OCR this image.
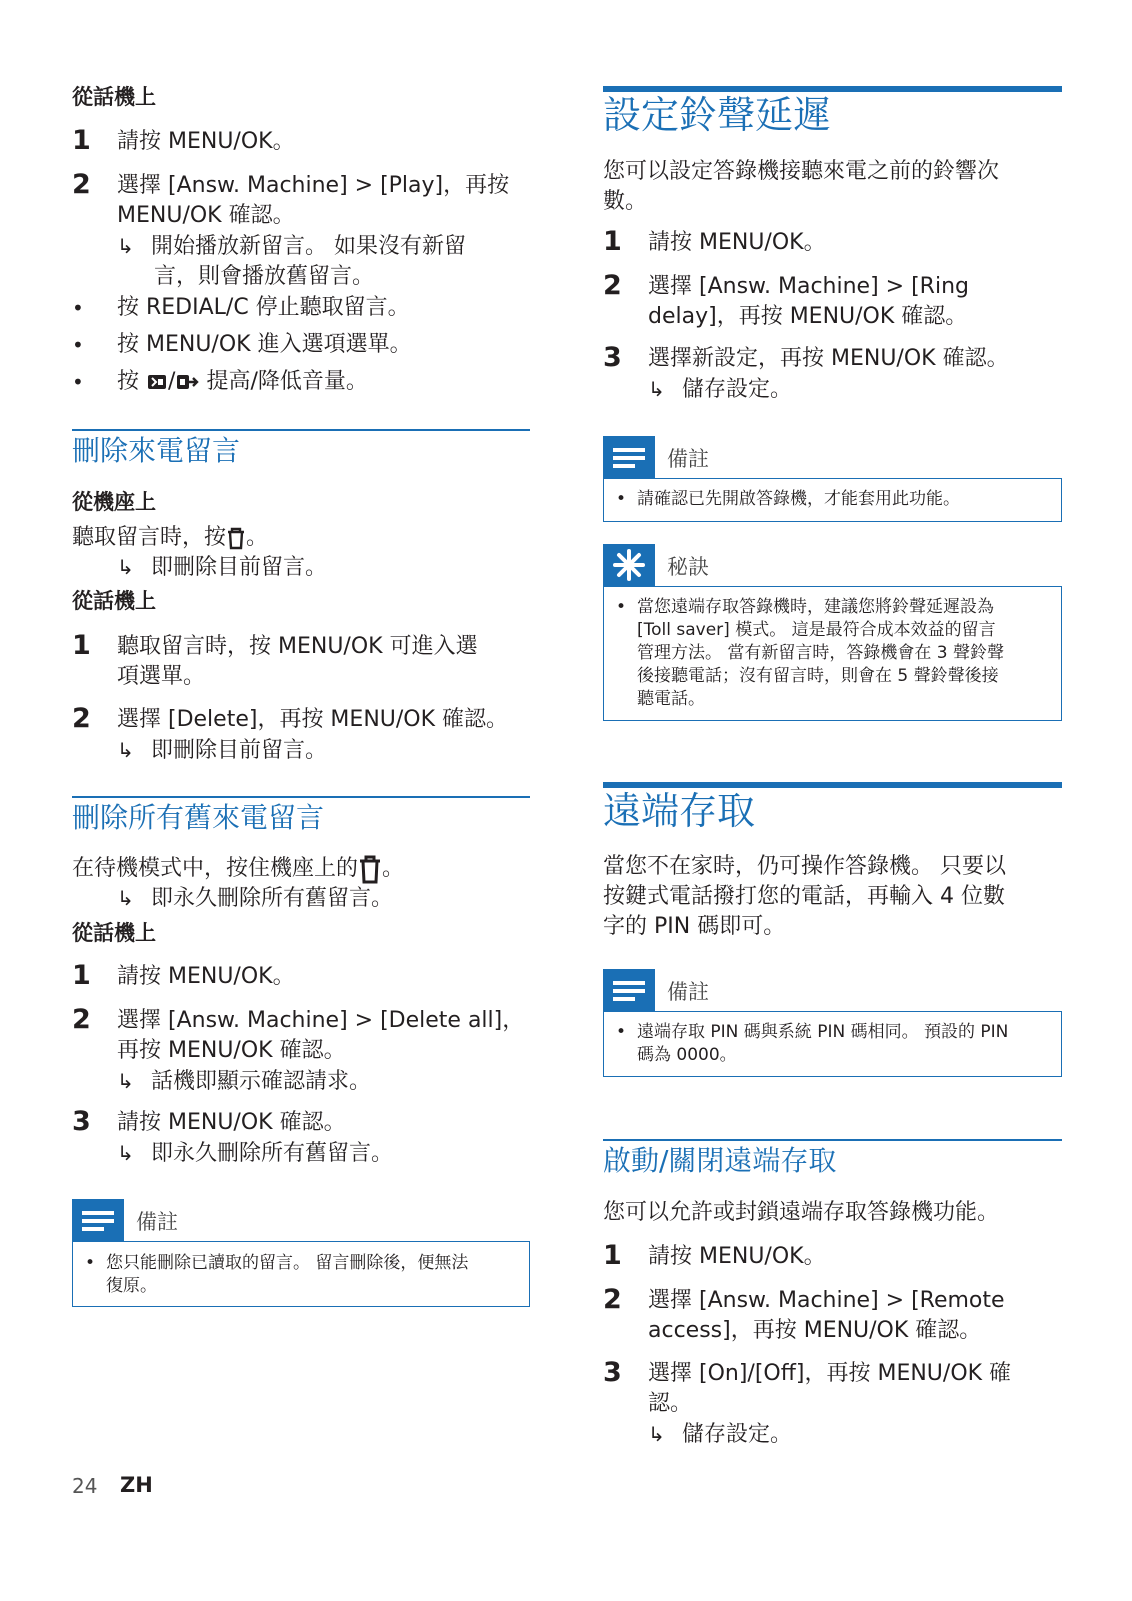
從話機上
1 請按 MENU/OK。
2 選擇 [Answ. Machine] > [Play]，再按
MENU/OK 確認。
↳ 開始播放新留言。 如果沒有新留
言，則會播放舊留言。
• 按 REDIAL/C 停止聽取留言。
• 按 MENU/OK 進入選項選單。
• 按 / 提高/降低音量。
刪除來電留言
從機座上
聽取留言時，按 。
↳ 即刪除目前留言。
從話機上
1 聽取留言時，按 MENU/OK 可進入選
項選單。
2 選擇 [Delete]，再按 MENU/OK 確認。
↳ 即刪除目前留言。
刪除所有舊來電留言
在待機模式中，按住機座上的 。
↳ 即永久刪除所有舊留言。
從話機上
1 請按 MENU/OK。
2 選擇 [Answ. Machine] > [Delete all]，
再按 MENU/OK 確認。
↳ 話機即顯示確認請求。
3 請按 MENU/OK 確認。
↳ 即永久刪除所有舊留言。
備註
• 您只能刪除已讀取的留言。 留言刪除後，便無法
復原。
設定鈴聲延遲
您可以設定答錄機接聽來電之前的鈴響次
數。
1 請按 MENU/OK。
2 選擇 [Answ. Machine] > [Ring
delay]，再按 MENU/OK 確認。
3 選擇新設定，再按 MENU/OK 確認。
↳ 儲存設定。
備註
• 請確認已先開啟答錄機，才能套用此功能。
秘訣
• 當您遠端存取答錄機時，建議您將鈴聲延遲設為
[Toll saver] 模式。 這是最符合成本效益的留言
管理方法。 當有新留言時，答錄機會在 3 聲鈴聲
後接聽電話；沒有留言時，則會在 5 聲鈴聲後接
聽電話。
遠端存取
當您不在家時，仍可操作答錄機。 只要以
按鍵式電話撥打您的電話，再輸入 4 位數
字的 PIN 碼即可。
備註
• 遠端存取 PIN 碼與系統 PIN 碼相同。 預設的 PIN
碼為 0000。
啟動/關閉遠端存取
您可以允許或封鎖遠端存取答錄機功能。
1 請按 MENU/OK。
2 選擇 [Answ. Machine] > [Remote
access]，再按 MENU/OK 確認。
3 選擇 [On]/[Off]，再按 MENU/OK 確
認。
↳ 儲存設定。
24 ZH
